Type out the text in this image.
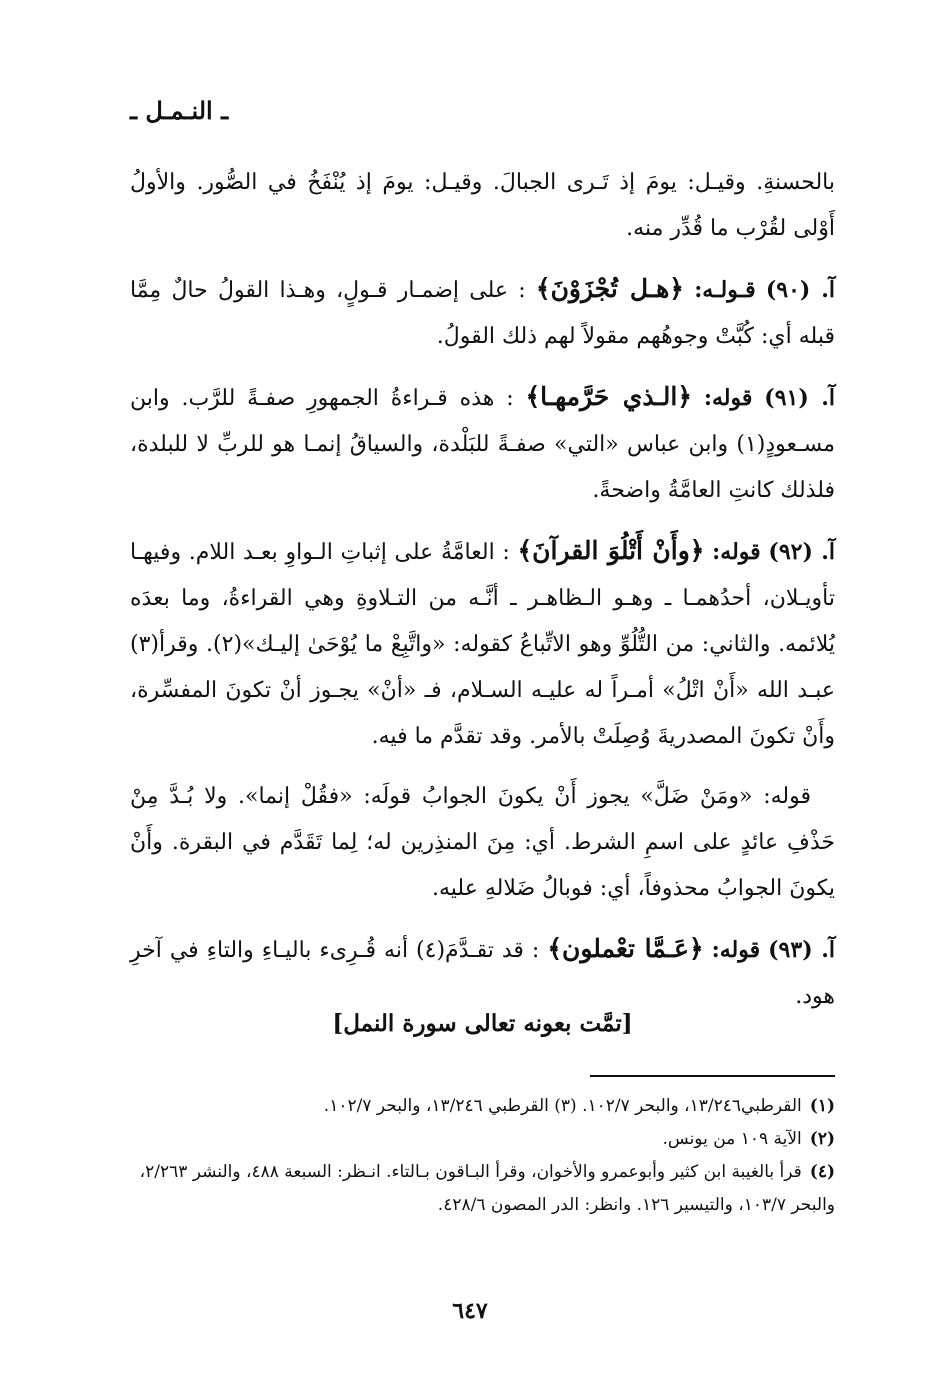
ـ النـمـل ـ

بالحسنةِ. وقيـل: يومَ إذ تَـرى الجبالَ. وقيـل: يومَ إذ يُنْفَخُ في الصُّور. والأولُ أَوْلى لقُرْب ما قُدِّر منه.

آ. (٩٠) قـولـه: ﴿هـل تُجْزَوْنَ﴾ : على إضمـار قـولٍ، وهـذا القولُ حالٌ مِمَّا قبله أي: كُبَّتْ وجوهُهم مقولاً لهم ذلك القولُ.

آ. (٩١) قوله: ﴿الـذي حَرَّمهـا﴾ : هذه قـراءةُ الجمهورِ صفـةً للرَّب. وابن مسـعودٍ(١) وابن عباس «التي» صفـةً للبَلْدة، والسياقُ إنمـا هو للربِّ لا للبلدة، فلذلك كانتِ العامَّةُ واضحةً.

آ. (٩٢) قوله: ﴿وأَنْ أَتْلُوَ القرآنَ﴾ : العامَّةُ على إثباتِ الـواوِ بعـد اللام. وفيهـا تأويـلان، أحدُهمـا ـ وهـو الـظاهـر ـ أنَّـه من التـلاوةِ وهي القراءةُ، وما بعدَه يُلائمه. والثاني: من التُّلُوِّ وهو الاتِّباعُ كقوله: «واتَّبِعْ ما يُوْحَىٰ إليـك»(٢). وقرأ(٣) عبـد الله «أَنْ اتْلُ» أمـراً له عليـه السـلام، فـ «أنْ» يجـوز أنْ تكونَ المفسِّرة، وأَنْ تكونَ المصدريةَ وُصِلَتْ بالأمر. وقد تقدَّم ما فيه.

قوله: «ومَنْ ضَلَّ» يجوز أَنْ يكونَ الجوابُ قولَه: «فقُلْ إنما». ولا بُـدَّ مِنْ حَذْفِ عائدٍ على اسمِ الشرط. أي: مِنَ المنذِرين له؛ لِما تَقَدَّم في البقرة. وأَنْ يكونَ الجوابُ محذوفاً، أي: فوبالُ ضَلالهِ عليه.

آ. (٩٣) قوله: ﴿عَـمَّا تعْملون﴾ : قد تقـدَّمَ(٤) أنه قُـرِىء باليـاءِ والتاءِ في آخرِ هود.

[تمَّت بعونه تعالى سورة النمل]

(١)القرطبي١٣/٢٤٦، والبحر ١٠٢/٧. (٣) القرطبي ١٣/٢٤٦، والبحر ١٠٢/٧.

(٢)الآية ١٠٩ من يونس.

(٤)قرأ بالغيبة ابن كثير وأبوعمرو والأخوان، وقرأ البـاقون بـالتاء. انـظر: السبعة ٤٨٨، والنشر ٢/٢٦٣، والبحر ١٠٣/٧، والتيسير ١٢٦. وانظر: الدر المصون ٤٢٨/٦.

٦٤٧
